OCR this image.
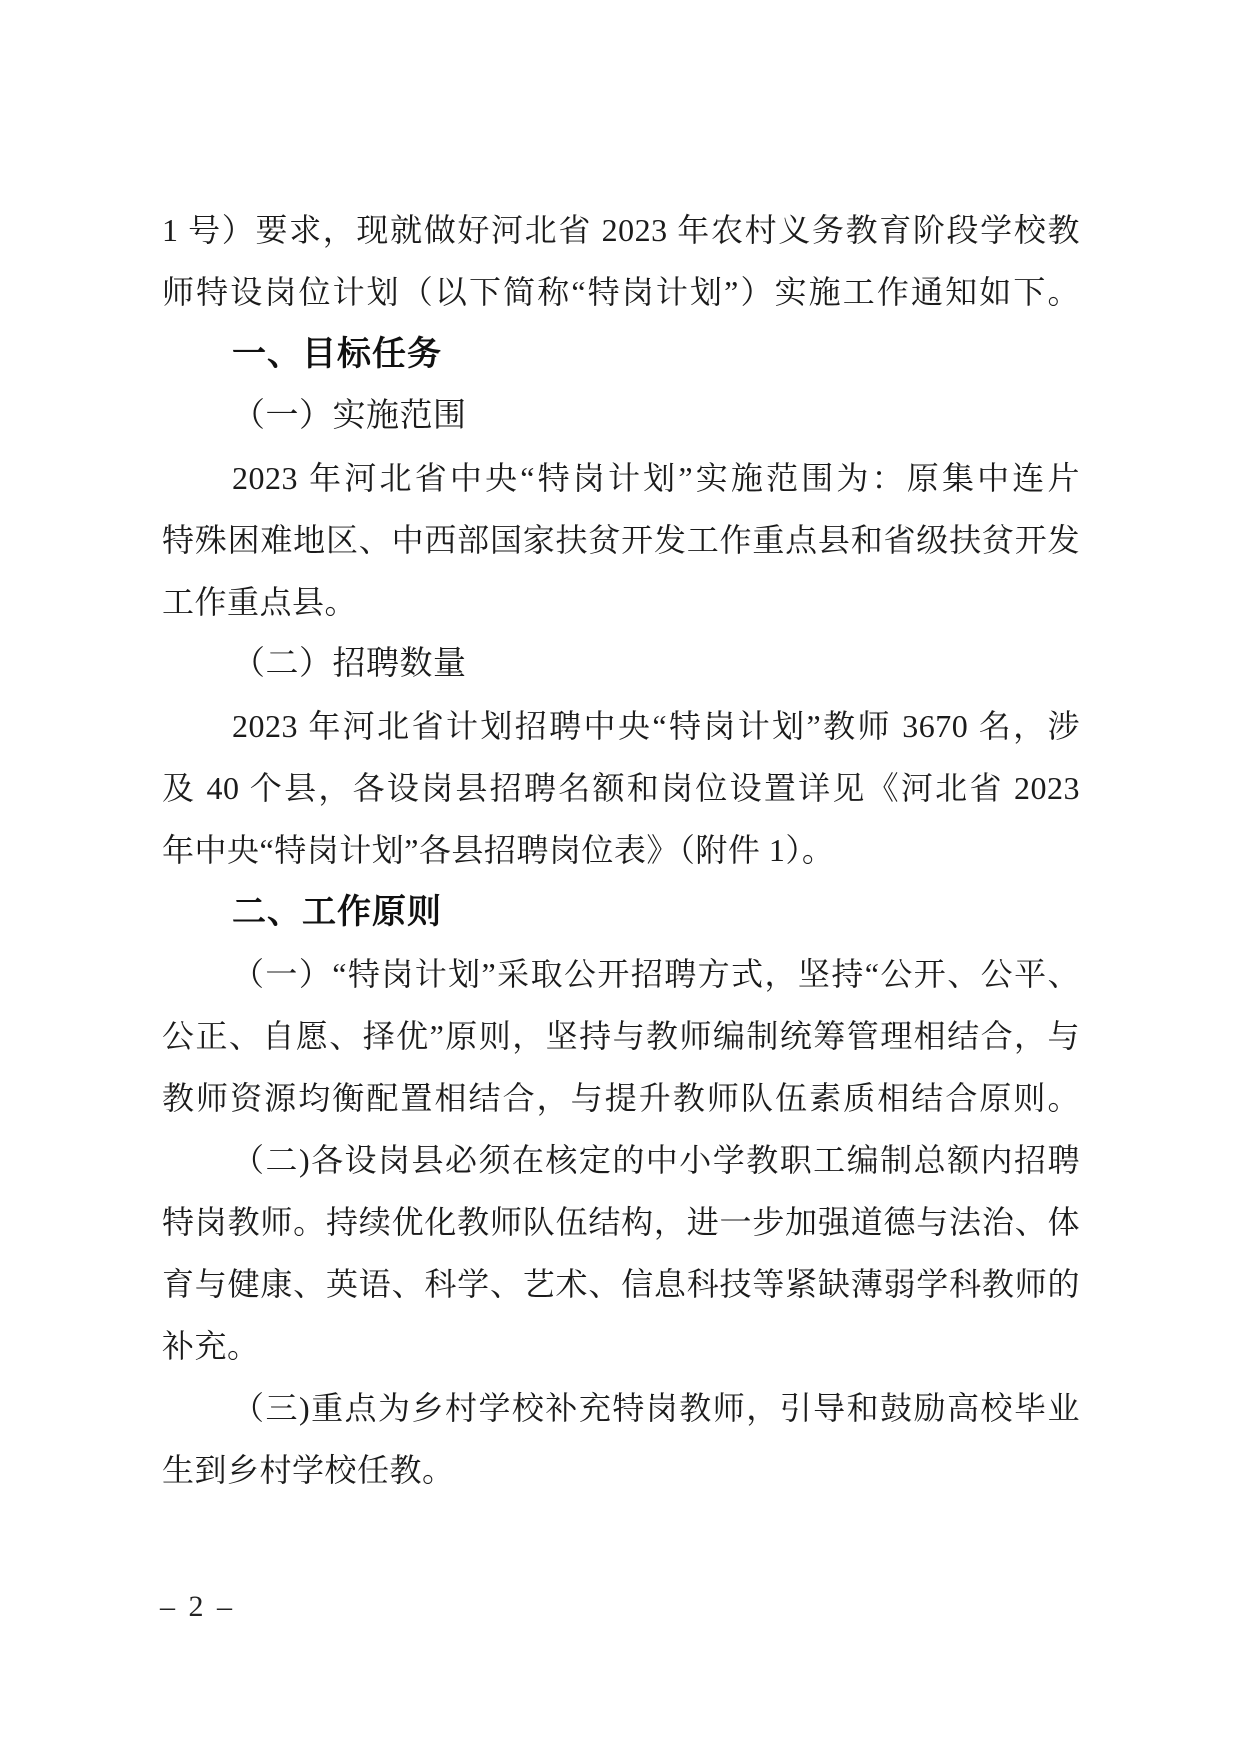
1 号）要求，现就做好河北省 2023 年农村义务教育阶段学校教
师特设岗位计划（以下简称“特岗计划”）实施工作通知如下。
一、目标任务
（一）实施范围
2023 年河北省中央“特岗计划”实施范围为：原集中连片
特殊困难地区、中西部国家扶贫开发工作重点县和省级扶贫开发
工作重点县。
（二）招聘数量
2023 年河北省计划招聘中央“特岗计划”教师 3670 名，涉
及 40 个县，各设岗县招聘名额和岗位设置详见《河北省 2023
年中央“特岗计划”各县招聘岗位表》（附件 1）。
二、工作原则
（一）“特岗计划”采取公开招聘方式，坚持“公开、公平、
公正、自愿、择优”原则，坚持与教师编制统筹管理相结合，与
教师资源均衡配置相结合，与提升教师队伍素质相结合原则。
（二)各设岗县必须在核定的中小学教职工编制总额内招聘
特岗教师。持续优化教师队伍结构，进一步加强道德与法治、体
育与健康、英语、科学、艺术、信息科技等紧缺薄弱学科教师的
补充。
（三)重点为乡村学校补充特岗教师，引导和鼓励高校毕业
生到乡村学校任教。
– 2 –
